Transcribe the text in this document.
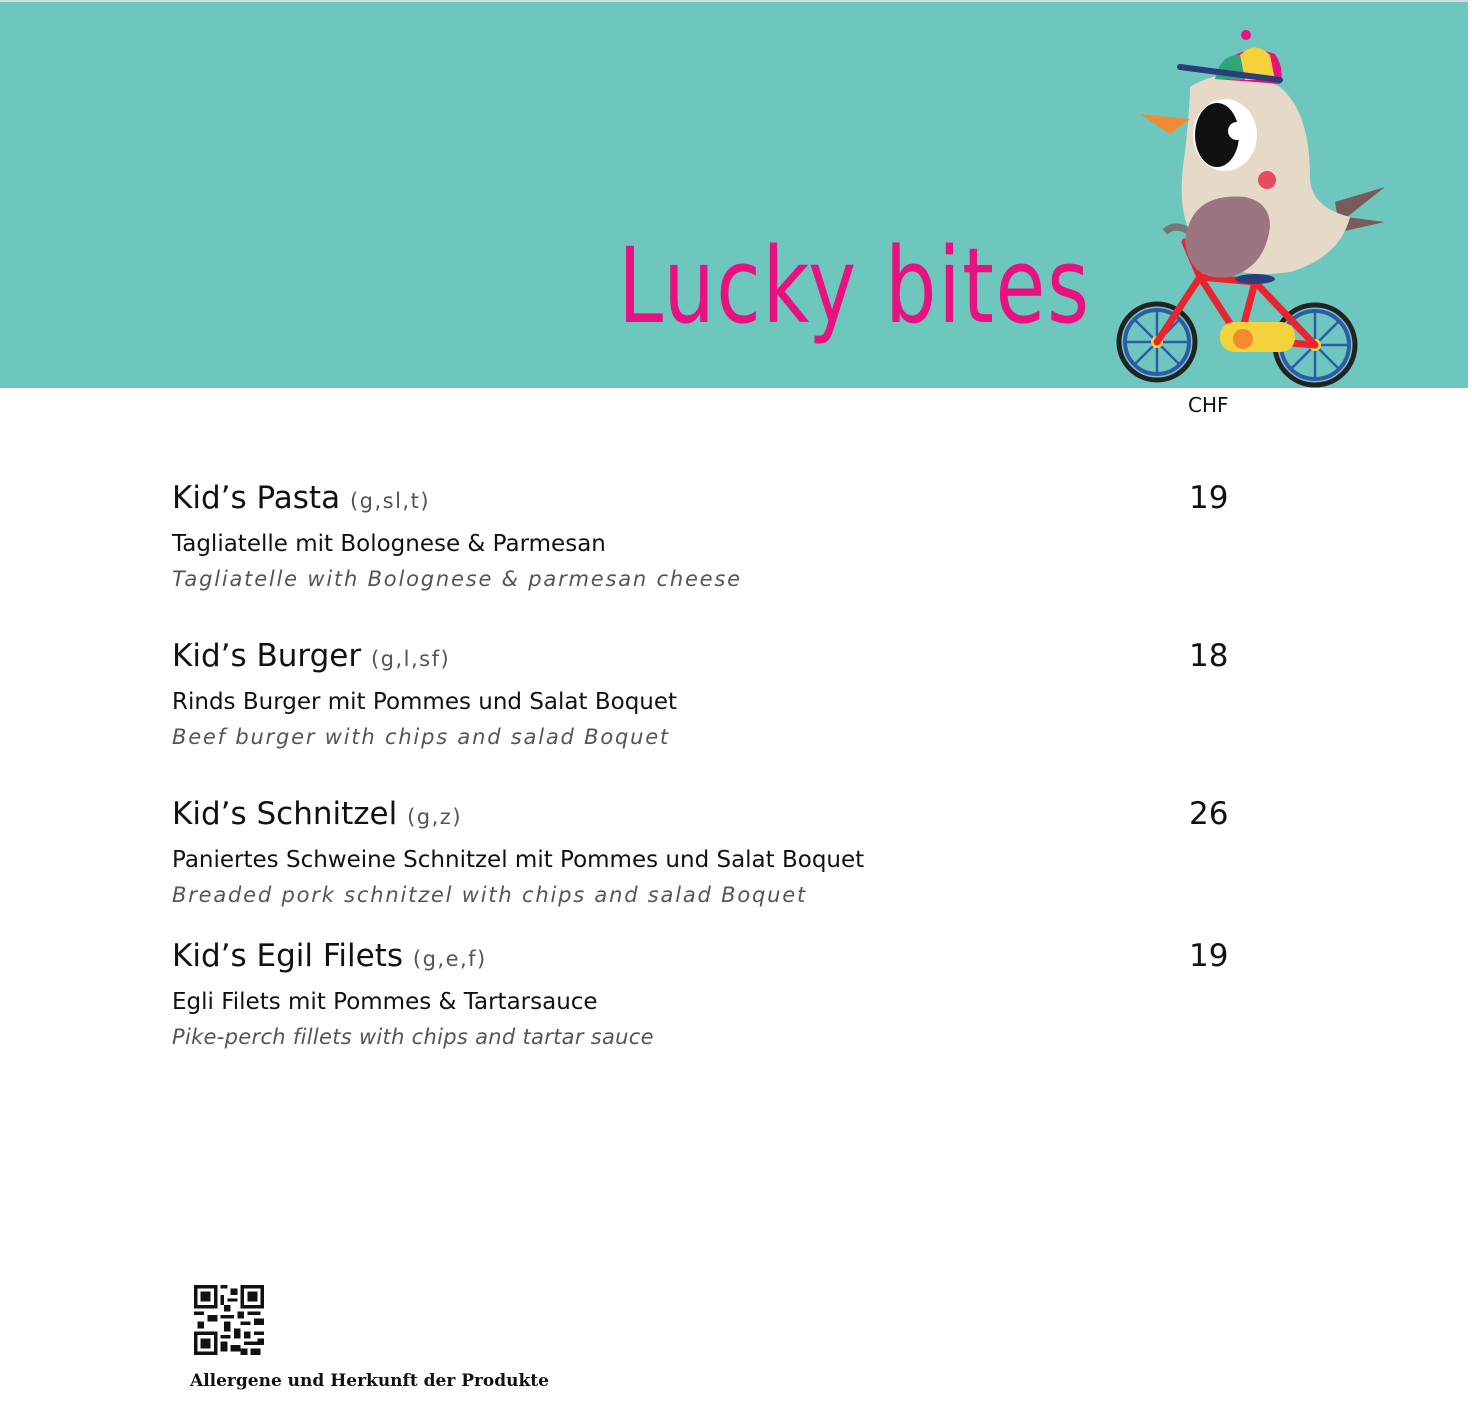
Lucky bites
CHF
Kid’s Pasta (g,sl,t)
Tagliatelle mit Bolognese & Parmesan
Tagliatelle with Bolognese & parmesan cheese
19
Kid’s Burger (g,l,sf)
Rinds Burger mit Pommes und Salat Boquet
Beef burger with chips and salad Boquet
18
Kid’s Schnitzel (g,z)
Paniertes Schweine Schnitzel mit Pommes und Salat Boquet
Breaded pork schnitzel with chips and salad Boquet
26
Kid’s Egil Filets (g,e,f)
Egli Filets mit Pommes & Tartarsauce
Pike-perch fillets with chips and tartar sauce
19
Allergene und Herkunft der Produkte
